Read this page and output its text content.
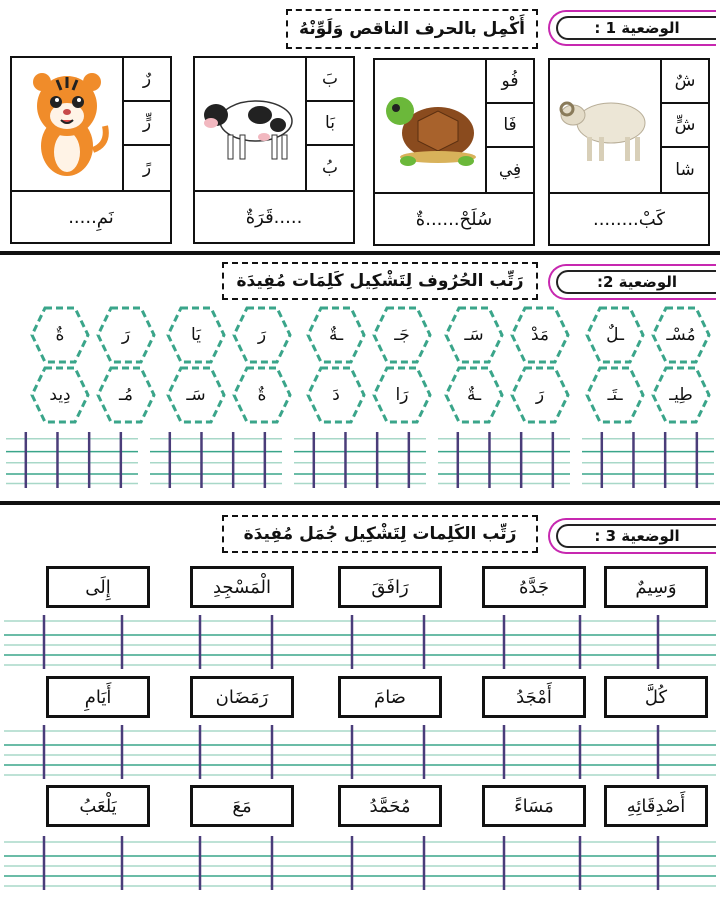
أَكْمِل بالحرف الناقص وَلَوِّنْهُ	الوضعية 1 :
رٌ
رٍّ
رً
نَمِ.....
بَ
بَا
بُ
.....قَرَةٌ
فُو
فَا
فِي
سُلَحْ......ةٌ
شٌ
شٍّ
شا
كَبْ........
رَتِّب الحُرُوف لِتَشْكِيل كَلِمَات مُفِيدَة	الوضعية 2:
ةٌ	رَ	يَا	رَ	ـةٌ	جَـ	سَـ	مَدْ	ـلٌ	مُسْـ
دِيد	مُـ	سَـ	ةٌ	دَ	رَا	ـةٌ	رَ	ـتَـ	طِيـ
رَتِّب الكَلِمات لِتَشْكِيل جُمَل مُفِيدَة	الوضعية 3 :
إِلَى	الْمَسْجِدِ	رَافَقَ	جَدَّهُ	وَسِيمٌ
أَيَامِ	رَمَضَان	صَامَ	أَمْجَدُ	كُلَّ
يَلْعَبُ	مَعَ	مُحَمَّدُ	مَسَاءً	أَصْدِقَائِهِ
